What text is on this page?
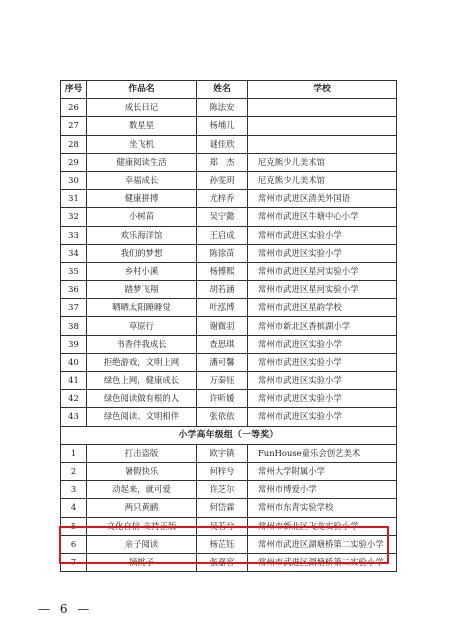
序号	作品名	姓名	学校
26	成长日记	陈法安	
27	数星星	杨埔儿	
28	坐飞机	谜佳欣	
29	健康阅读生活	郑　杰	尼克熊少儿美术馆
30	幸福成长	孙雯玥	尼克熊少儿美术馆
31	健康拼搏	尤梓乔	常州市武进区清美外国语
32	小树苗	吴宁懿	常州市武进区牛塘中心小学
33	欢乐海洋馆	王启成	常州市武进区实验小学
34	我们的梦想	陈徐苗	常州市武进区实验小学
35	乡村小溪	杨傅熙	常州市武进区星河实验小学
36	踏梦飞翔	胡若涵	常州市武进区星河实验小学
37	晒晒太阳睡睡觉	叶泓博	常州市武进区星韵学校
38	草原行	谢微羽	常州市新北区香槟湖小学
39	书香伴我成长	查思琪	常州市武进区实验小学
40	拒绝游戏，文明上网	潘可馨	常州市武进区实验小学
41	绿色上网，健康成长	万秦钰	常州市武进区实验小学
42	绿色阅读做有根的人	许昕媛	常州市武进区实验小学
43	绿色阅读、文明相伴	张依依	常州市武进区实验小学
小学高年级组（一等奖）			
1	打击盗版	欧宇镇	FunHouse童乐会创艺美术
2	暑假快乐	何梓兮	常州大学附属小学
3	动起来，就可爱	许芝尔	常州市博爱小学
4	两只黄鹂	何岱霖	常州市东青实验学校
5	文化自信 支持正版	吴若兮	常州市新北区飞龙实验小学
6	亲子阅读	杨芷钰	常州市武进区湖塘桥第二实验小学
7	摘桃子	张嘉容	常州市武进区湖塘桥第二实验小学
— 6 —
